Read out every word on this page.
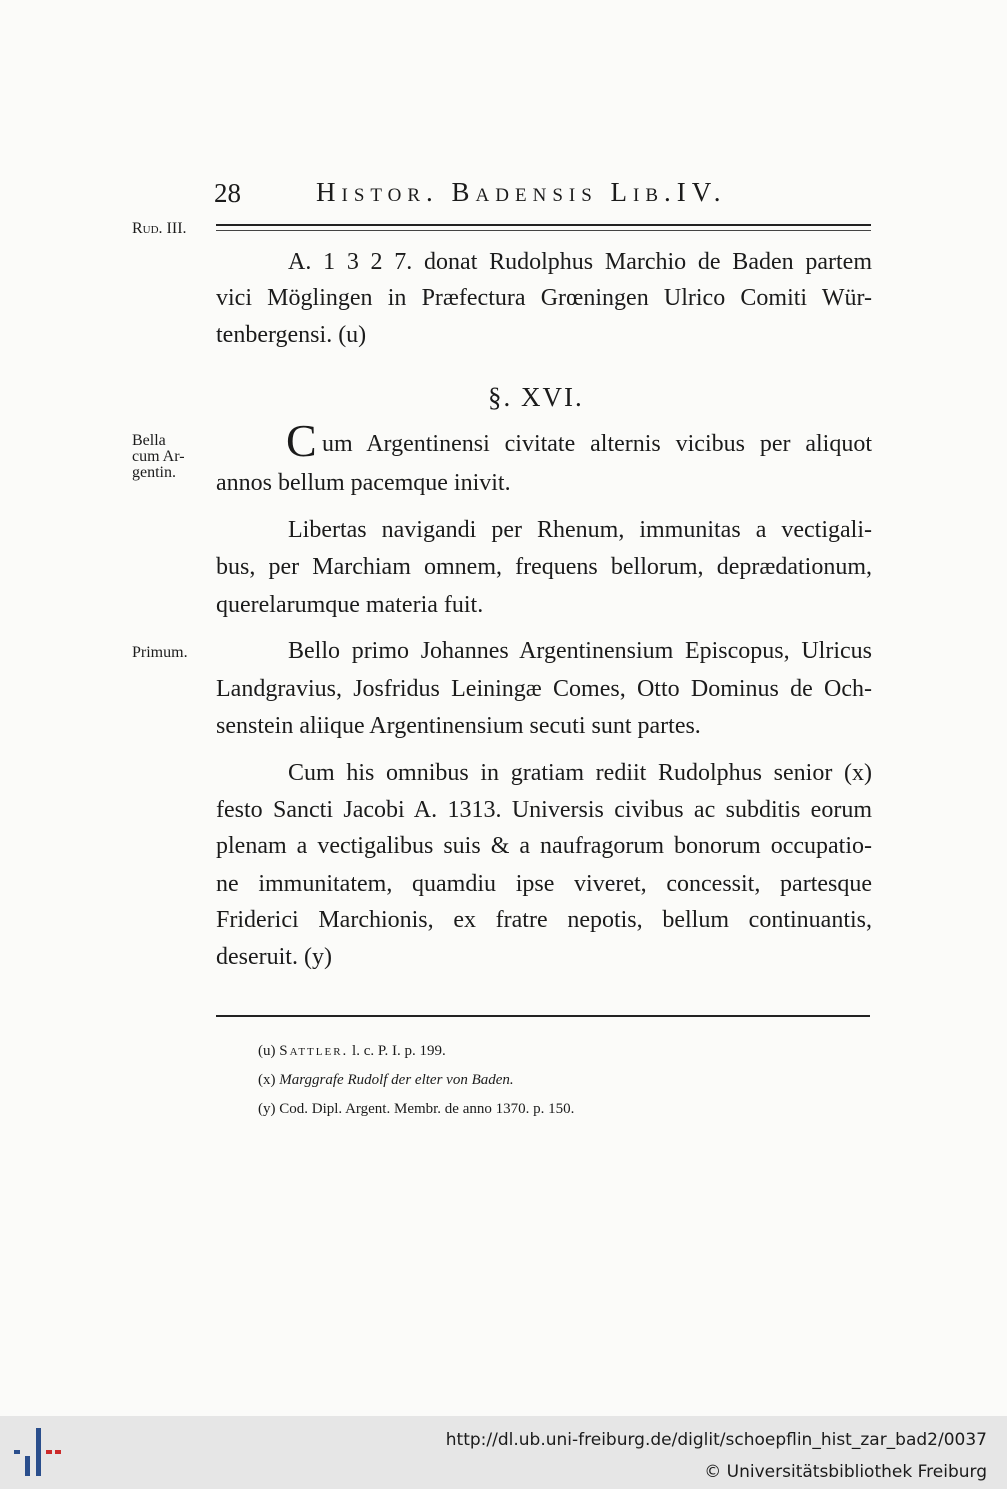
28	Histor. Badensis Lib.IV.
Rud. III.
A. 1 3 2 7. donat Rudolphus Marchio de Baden partem
vici Möglingen in Præfectura Grœningen Ulrico Comiti Wür-
tenbergensi. (u)
§. XVI.
Bella
cum Ar-
gentin.
C um Argentinensi civitate alternis vicibus per aliquot
annos bellum pacemque inivit.
Libertas navigandi per Rhenum, immunitas a vectigali-
bus, per Marchiam omnem, frequens bellorum, deprædationum,
querelarumque materia fuit.
Primum.	Bello primo Johannes Argentinensium Episcopus, Ulricus
Landgravius, Josfridus Leiningæ Comes, Otto Dominus de Och-
senstein aliique Argentinensium secuti sunt partes.
Cum his omnibus in gratiam rediit Rudolphus senior (x)
festo Sancti Jacobi A. 1313. Universis civibus ac subditis eorum
plenam a vectigalibus suis & a naufragorum bonorum occupatio-
ne immunitatem, quamdiu ipse viveret, concessit, partesque
Friderici Marchionis, ex fratre nepotis, bellum continuantis,
deseruit. (y)
(u) Sattler. l. c. P. I. p. 199.
(x) Marggrafe Rudolf der elter von Baden.
(y) Cod. Dipl. Argent. Membr. de anno 1370. p. 150.
http://dl.ub.uni-freiburg.de/diglit/schoepflin_hist_zar_bad2/0037
© Universitätsbibliothek Freiburg
